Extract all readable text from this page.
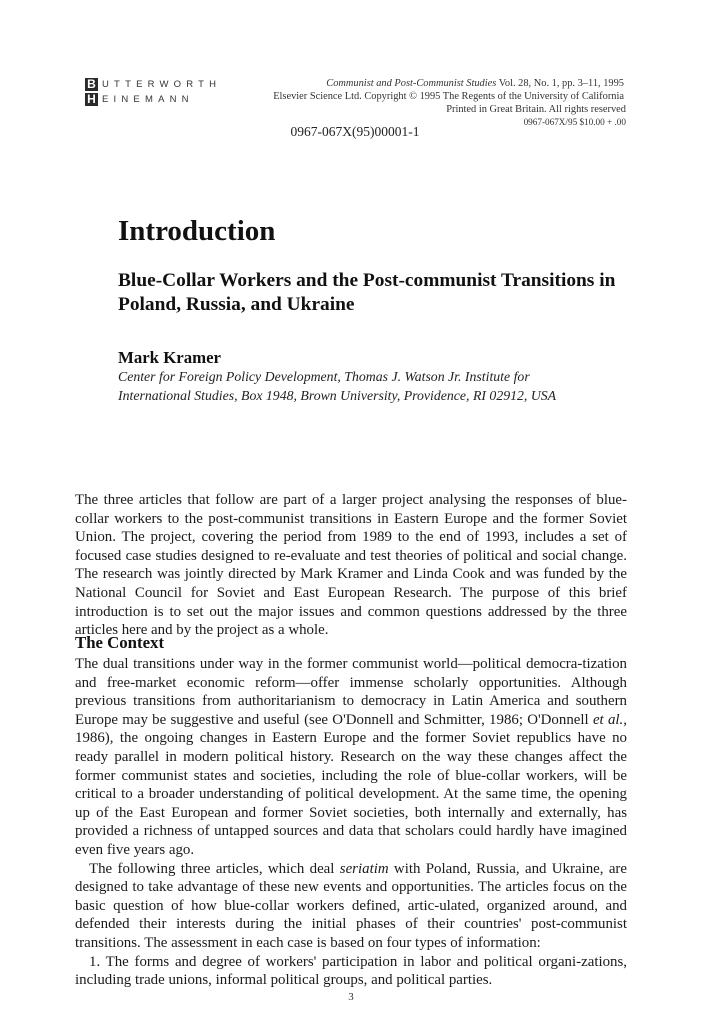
B UTTERWORTH
H EINEMANN
Communist and Post-Communist Studies Vol. 28, No. 1, pp. 3–11, 1995
Elsevier Science Ltd. Copyright © 1995 The Regents of the University of California
Printed in Great Britain. All rights reserved
0967-067X/95 $10.00 + .00
0967-067X(95)00001-1
Introduction
Blue-Collar Workers and the Post-communist Transitions in Poland, Russia, and Ukraine
Mark Kramer
Center for Foreign Policy Development, Thomas J. Watson Jr. Institute for International Studies, Box 1948, Brown University, Providence, RI 02912, USA

The three articles that follow are part of a larger project analysing the responses of blue-collar workers to the post-communist transitions in Eastern Europe and the former Soviet Union. The project, covering the period from 1989 to the end of 1993, includes a set of focused case studies designed to re-evaluate and test theories of political and social change. The research was jointly directed by Mark Kramer and Linda Cook and was funded by the National Council for Soviet and East European Research. The purpose of this brief introduction is to set out the major issues and common questions addressed by the three articles here and by the project as a whole.

The Context

The dual transitions under way in the former communist world—political democra-tization and free-market economic reform—offer immense scholarly opportunities. Although previous transitions from authoritarianism to democracy in Latin America and southern Europe may be suggestive and useful (see O'Donnell and Schmitter, 1986; O'Donnell et al., 1986), the ongoing changes in Eastern Europe and the former Soviet republics have no ready parallel in modern political history. Research on the way these changes affect the former communist states and societies, including the role of blue-collar workers, will be critical to a broader understanding of political development. At the same time, the opening up of the East European and former Soviet societies, both internally and externally, has provided a richness of untapped sources and data that scholars could hardly have imagined even five years ago.

The following three articles, which deal seriatim with Poland, Russia, and Ukraine, are designed to take advantage of these new events and opportunities. The articles focus on the basic question of how blue-collar workers defined, artic-ulated, organized around, and defended their interests during the initial phases of their countries' post-communist transitions. The assessment in each case is based on four types of information:

1. The forms and degree of workers' participation in labor and political organi-zations, including trade unions, informal political groups, and political parties.

3
